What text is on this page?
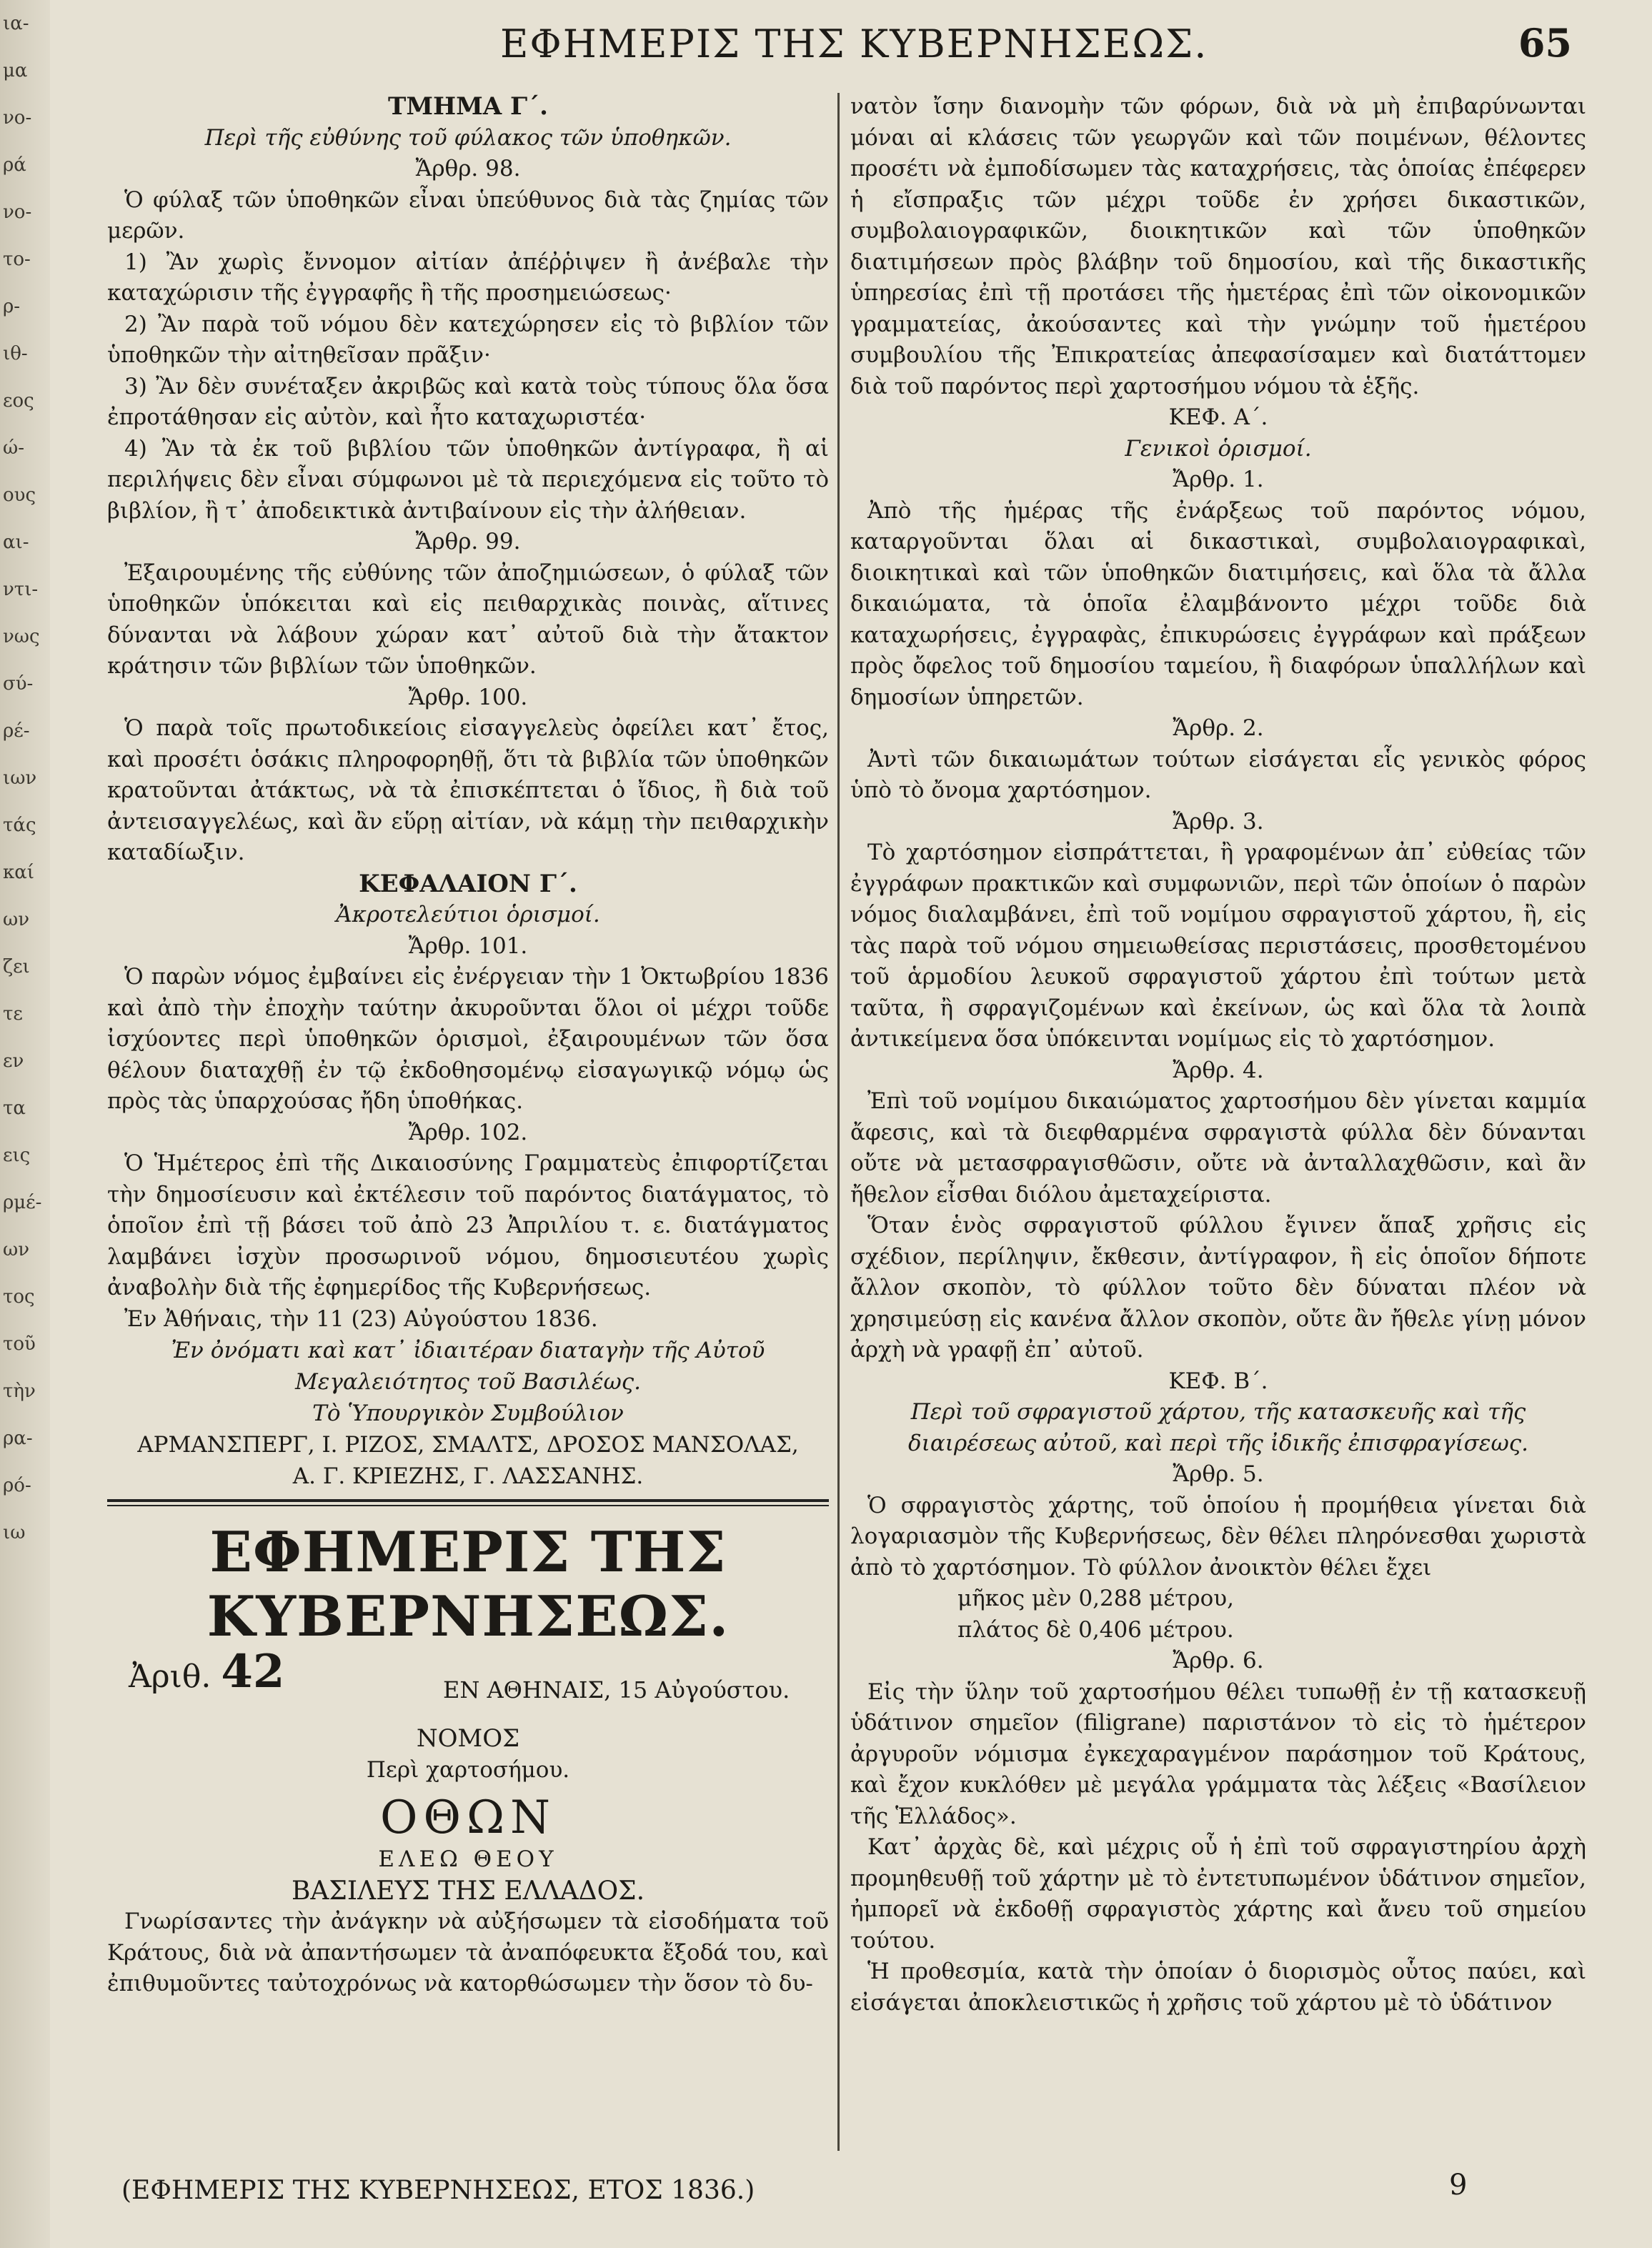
ια-
μα
νο-
ρά
νο-
το-
ρ-
ιθ-
εος
ώ-
ους
αι-
ντι-
νως
σύ-
ρέ-
ιων
τάς
καί
ων
ζει
τε
εν
τα
εις
ρμέ-
ων
τος
τοῦ
τὴν
ρα-
ρό-
ιω
ΕΦΗΜΕΡΙΣ ΤΗΣ ΚΥΒΕΡΝΗΣΕΩΣ.	65

ΤΜΗΜΑ Γ΄.

Περὶ τῆς εὐθύνης τοῦ φύλακος τῶν ὑποθηκῶν.

Ἄρθρ. 98.

Ὁ φύλαξ τῶν ὑποθηκῶν εἶναι ὑπεύθυνος διὰ τὰς ζημίας τῶν μερῶν.

1) Ἂν χωρὶς ἔννομον αἰτίαν ἀπέῤῥιψεν ἢ ἀνέβαλε τὴν καταχώρισιν τῆς ἐγγραφῆς ἢ τῆς προσημειώσεως·

2) Ἂν παρὰ τοῦ νόμου δὲν κατεχώρησεν εἰς τὸ βιβλίον τῶν ὑποθηκῶν τὴν αἰτηθεῖσαν πρᾶξιν·

3) Ἂν δὲν συνέταξεν ἀκριβῶς καὶ κατὰ τοὺς τύπους ὅλα ὅσα ἐπροτάθησαν εἰς αὐτὸν, καὶ ἦτο καταχωριστέα·

4) Ἂν τὰ ἐκ τοῦ βιβλίου τῶν ὑποθηκῶν ἀντίγραφα, ἢ αἱ περιλήψεις δὲν εἶναι σύμφωνοι μὲ τὰ περιεχόμενα εἰς τοῦτο τὸ βιβλίον, ἢ τ᾽ ἀποδεικτικὰ ἀντιβαίνουν εἰς τὴν ἀλήθειαν.

Ἄρθρ. 99.

Ἐξαιρουμένης τῆς εὐθύνης τῶν ἀποζημιώσεων, ὁ φύλαξ τῶν ὑποθηκῶν ὑπόκειται καὶ εἰς πειθαρχικὰς ποινὰς, αἵτινες δύνανται νὰ λάβουν χώραν κατ᾽ αὐτοῦ διὰ τὴν ἄτακτον κράτησιν τῶν βιβλίων τῶν ὑποθηκῶν.

Ἄρθρ. 100.

Ὁ παρὰ τοῖς πρωτοδικείοις εἰσαγγελεὺς ὀφείλει κατ᾽ ἔτος, καὶ προσέτι ὁσάκις πληροφορηθῇ, ὅτι τὰ βιβλία τῶν ὑποθηκῶν κρατοῦνται ἀτάκτως, νὰ τὰ ἐπισκέπτεται ὁ ἴδιος, ἢ διὰ τοῦ ἀντεισαγγελέως, καὶ ἂν εὕρῃ αἰτίαν, νὰ κάμῃ τὴν πειθαρχικὴν καταδίωξιν.

ΚΕΦΑΛΑΙΟΝ Γ΄.

Ἀκροτελεύτιοι ὁρισμοί.

Ἄρθρ. 101.

Ὁ παρὼν νόμος ἐμβαίνει εἰς ἐνέργειαν τὴν 1 Ὀκτωβρίου 1836 καὶ ἀπὸ τὴν ἐποχὴν ταύτην ἀκυροῦνται ὅλοι οἱ μέχρι τοῦδε ἰσχύοντες περὶ ὑποθηκῶν ὁρισμοὶ, ἐξαιρουμένων τῶν ὅσα θέλουν διαταχθῇ ἐν τῷ ἐκδοθησομένῳ εἰσαγωγικῷ νόμῳ ὡς πρὸς τὰς ὑπαρχούσας ἤδη ὑποθήκας.

Ἄρθρ. 102.

Ὁ Ἡμέτερος ἐπὶ τῆς Δικαιοσύνης Γραμματεὺς ἐπιφορτίζεται τὴν δημοσίευσιν καὶ ἐκτέλεσιν τοῦ παρόντος διατάγματος, τὸ ὁποῖον ἐπὶ τῇ βάσει τοῦ ἀπὸ 23 Ἀπριλίου τ. ε. διατάγματος λαμβάνει ἰσχὺν προσωρινοῦ νόμου, δημοσιευτέου χωρὶς ἀναβολὴν διὰ τῆς ἐφημερίδος τῆς Κυβερνήσεως.

Ἐν Ἀθήναις, τὴν 11 (23) Αὐγούστου 1836.

Ἐν ὀνόματι καὶ κατ᾽ ἰδιαιτέραν διαταγὴν τῆς Αὐτοῦ

Μεγαλειότητος τοῦ Βασιλέως.

Τὸ Ὑπουργικὸν Συμβούλιον

ΑΡΜΑΝΣΠΕΡΓ, Ι. ΡΙΖΟΣ, ΣΜΑΛΤΣ, ΔΡΟΣΟΣ ΜΑΝΣΟΛΑΣ,

Α. Γ. ΚΡΙΕΖΗΣ, Γ. ΛΑΣΣΑΝΗΣ.

ΕΦΗΜΕΡΙΣ ΤΗΣ ΚΥΒΕΡΝΗΣΕΩΣ.
Ἀριθ. 42	ΕΝ ΑΘΗΝΑΙΣ, 15 Αὐγούστου.

ΝΟΜΟΣ

Περὶ χαρτοσήμου.

ΟΘΩΝ

ΕΛΕΩ ΘΕΟΥ

ΒΑΣΙΛΕΥΣ ΤΗΣ ΕΛΛΑΔΟΣ.

Γνωρίσαντες τὴν ἀνάγκην νὰ αὐξήσωμεν τὰ εἰσοδήματα τοῦ Κράτους, διὰ νὰ ἀπαντήσωμεν τὰ ἀναπόφευκτα ἔξοδά του, καὶ ἐπιθυμοῦντες ταὐτοχρόνως νὰ κατορθώσωμεν τὴν ὅσον τὸ δυ-

νατὸν ἴσην διανομὴν τῶν φόρων, διὰ νὰ μὴ ἐπιβαρύνωνται μόναι αἱ κλάσεις τῶν γεωργῶν καὶ τῶν ποιμένων, θέλοντες προσέτι νὰ ἐμποδίσωμεν τὰς καταχρήσεις, τὰς ὁποίας ἐπέφερεν ἡ εἴσπραξις τῶν μέχρι τοῦδε ἐν χρήσει δικαστικῶν, συμβολαιογραφικῶν, διοικητικῶν καὶ τῶν ὑποθηκῶν διατιμήσεων πρὸς βλάβην τοῦ δημοσίου, καὶ τῆς δικαστικῆς ὑπηρεσίας ἐπὶ τῇ προτάσει τῆς ἡμετέρας ἐπὶ τῶν οἰκονομικῶν γραμματείας, ἀκούσαντες καὶ τὴν γνώμην τοῦ ἡμετέρου συμβουλίου τῆς Ἐπικρατείας ἀπεφασίσαμεν καὶ διατάττομεν διὰ τοῦ παρόντος περὶ χαρτοσήμου νόμου τὰ ἑξῆς.

ΚΕΦ. Α΄.

Γενικοὶ ὁρισμοί.

Ἄρθρ. 1.

Ἀπὸ τῆς ἡμέρας τῆς ἐνάρξεως τοῦ παρόντος νόμου, καταργοῦνται ὅλαι αἱ δικαστικαὶ, συμβολαιογραφικαὶ, διοικητικαὶ καὶ τῶν ὑποθηκῶν διατιμήσεις, καὶ ὅλα τὰ ἄλλα δικαιώματα, τὰ ὁποῖα ἐλαμβάνοντο μέχρι τοῦδε διὰ καταχωρήσεις, ἐγγραφὰς, ἐπικυρώσεις ἐγγράφων καὶ πράξεων πρὸς ὄφελος τοῦ δημοσίου ταμείου, ἢ διαφόρων ὑπαλλήλων καὶ δημοσίων ὑπηρετῶν.

Ἄρθρ. 2.

Ἀντὶ τῶν δικαιωμάτων τούτων εἰσάγεται εἷς γενικὸς φόρος ὑπὸ τὸ ὄνομα χαρτόσημον.

Ἄρθρ. 3.

Τὸ χαρτόσημον εἰσπράττεται, ἢ γραφομένων ἀπ᾽ εὐθείας τῶν ἐγγράφων πρακτικῶν καὶ συμφωνιῶν, περὶ τῶν ὁποίων ὁ παρὼν νόμος διαλαμβάνει, ἐπὶ τοῦ νομίμου σφραγιστοῦ χάρτου, ἢ, εἰς τὰς παρὰ τοῦ νόμου σημειωθείσας περιστάσεις, προσθετομένου τοῦ ἁρμοδίου λευκοῦ σφραγιστοῦ χάρτου ἐπὶ τούτων μετὰ ταῦτα, ἢ σφραγιζομένων καὶ ἐκείνων, ὡς καὶ ὅλα τὰ λοιπὰ ἀντικείμενα ὅσα ὑπόκεινται νομίμως εἰς τὸ χαρτόσημον.

Ἄρθρ. 4.

Ἐπὶ τοῦ νομίμου δικαιώματος χαρτοσήμου δὲν γίνεται καμμία ἄφεσις, καὶ τὰ διεφθαρμένα σφραγιστὰ φύλλα δὲν δύνανται οὔτε νὰ μετασφραγισθῶσιν, οὔτε νὰ ἀνταλλαχθῶσιν, καὶ ἂν ἤθελον εἶσθαι διόλου ἀμεταχείριστα.

Ὅταν ἑνὸς σφραγιστοῦ φύλλου ἔγινεν ἅπαξ χρῆσις εἰς σχέδιον, περίληψιν, ἔκθεσιν, ἀντίγραφον, ἢ εἰς ὁποῖον δήποτε ἄλλον σκοπὸν, τὸ φύλλον τοῦτο δὲν δύναται πλέον νὰ χρησιμεύσῃ εἰς κανένα ἄλλον σκοπὸν, οὔτε ἂν ἤθελε γίνῃ μόνον ἀρχὴ νὰ γραφῇ ἐπ᾽ αὐτοῦ.

ΚΕΦ. Β΄.

Περὶ τοῦ σφραγιστοῦ χάρτου, τῆς κατασκευῆς καὶ τῆς

διαιρέσεως αὐτοῦ, καὶ περὶ τῆς ἰδικῆς ἐπισφραγίσεως.

Ἄρθρ. 5.

Ὁ σφραγιστὸς χάρτης, τοῦ ὁποίου ἡ προμήθεια γίνεται διὰ λογαριασμὸν τῆς Κυβερνήσεως, δὲν θέλει πληρόνεσθαι χωριστὰ ἀπὸ τὸ χαρτόσημον. Τὸ φύλλον ἀνοικτὸν θέλει ἔχει

μῆκος μὲν 0,288 μέτρου,

πλάτος δὲ 0,406 μέτρου.

Ἄρθρ. 6.

Εἰς τὴν ὕλην τοῦ χαρτοσήμου θέλει τυπωθῇ ἐν τῇ κατασκευῇ ὑδάτινον σημεῖον (filigrane) παριστάνον τὸ εἰς τὸ ἡμέτερον ἀργυροῦν νόμισμα ἐγκεχαραγμένον παράσημον τοῦ Κράτους, καὶ ἔχον κυκλόθεν μὲ μεγάλα γράμματα τὰς λέξεις «Βασίλειον τῆς Ἑλλάδος».

Κατ᾽ ἀρχὰς δὲ, καὶ μέχρις οὗ ἡ ἐπὶ τοῦ σφραγιστηρίου ἀρχὴ προμηθευθῇ τοῦ χάρτην μὲ τὸ ἐντετυπωμένον ὑδάτινον σημεῖον, ἠμπορεῖ νὰ ἐκδοθῇ σφραγιστὸς χάρτης καὶ ἄνευ τοῦ σημείου τούτου.

Ἡ προθεσμία, κατὰ τὴν ὁποίαν ὁ διορισμὸς οὗτος παύει, καὶ εἰσάγεται ἀποκλειστικῶς ἡ χρῆσις τοῦ χάρτου μὲ τὸ ὑδάτινον

(ΕΦΗΜΕΡΙΣ ΤΗΣ ΚΥΒΕΡΝΗΣΕΩΣ, ΕΤΟΣ 1836.)	9
